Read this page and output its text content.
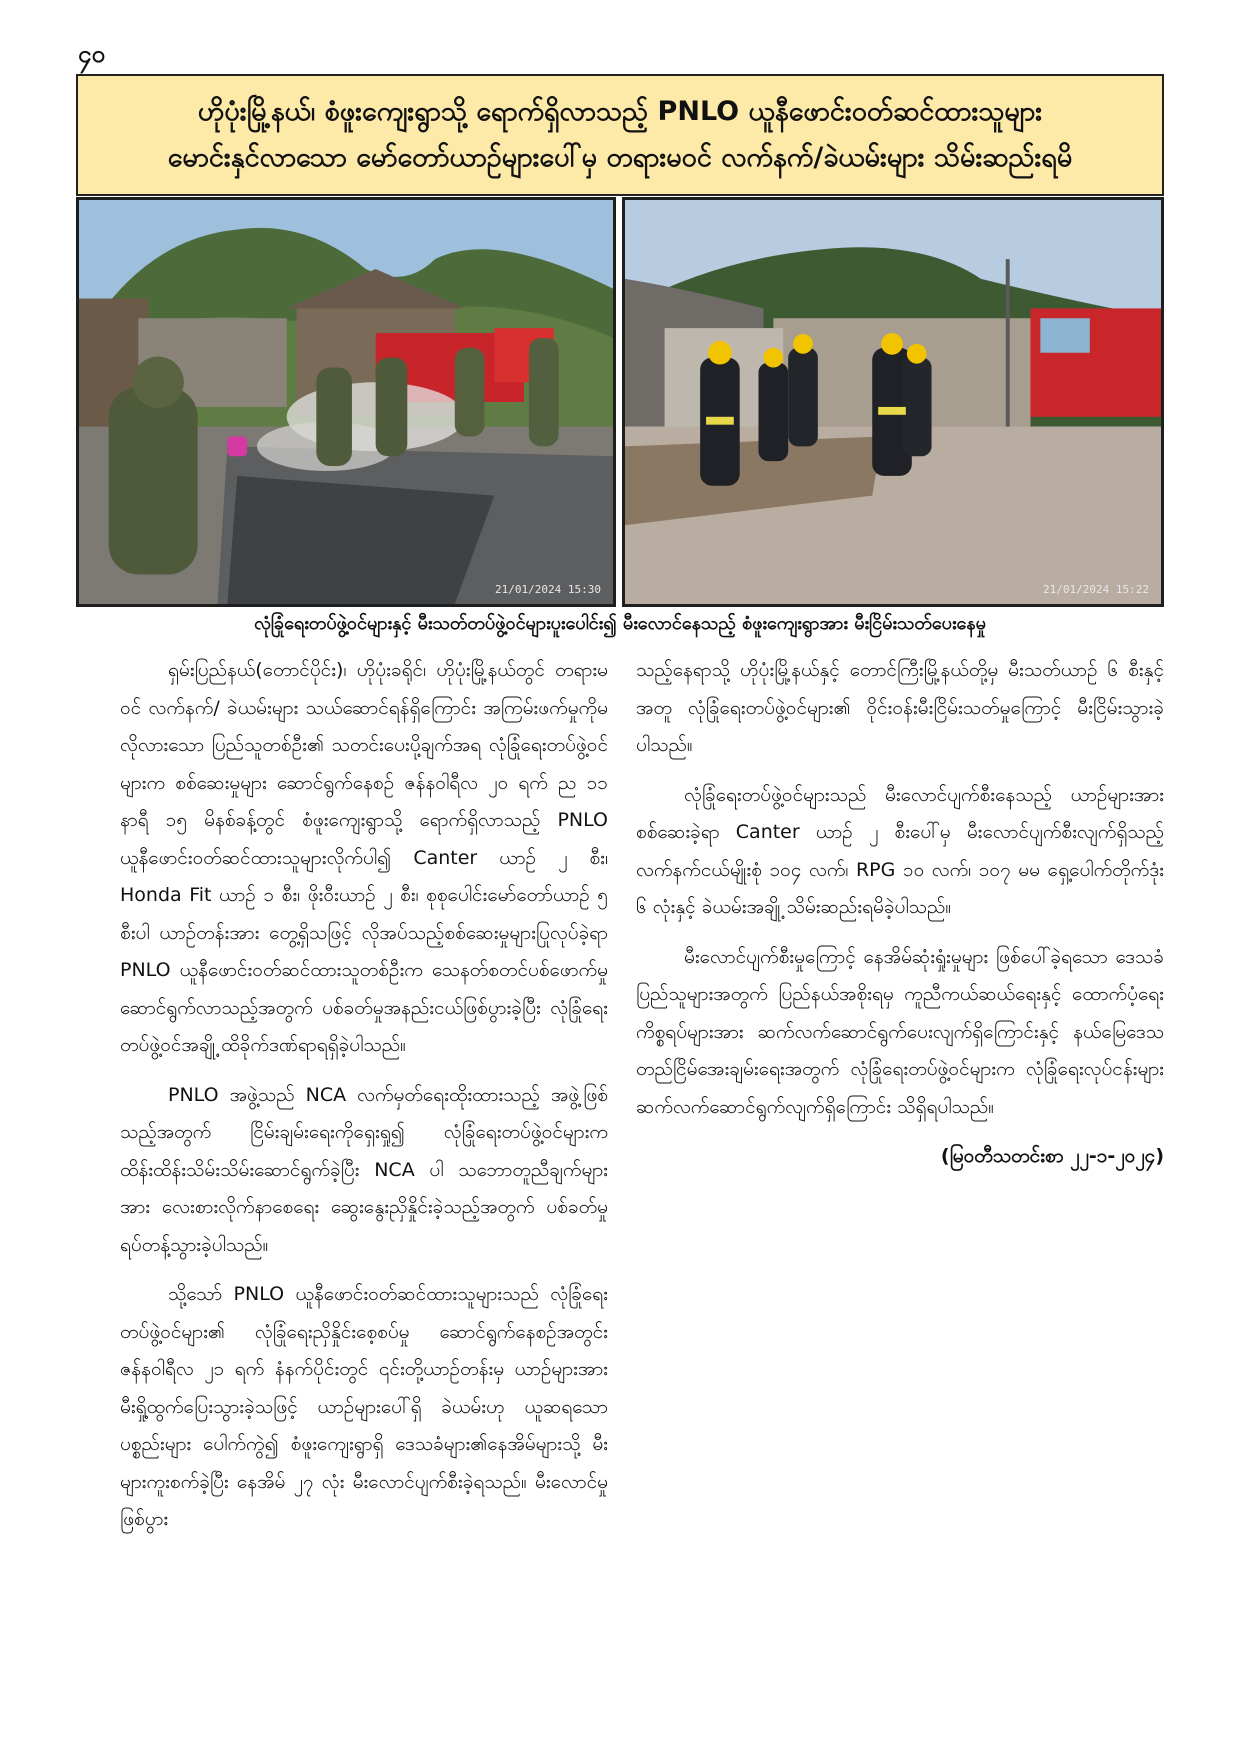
၄၀
ဟိုပုံးမြို့နယ်၊ စံဖူးကျေးရွာသို့ ရောက်ရှိလာသည့် PNLO ယူနီဖောင်းဝတ်ဆင်ထားသူများ
မောင်းနှင်လာသော မော်တော်ယာဉ်များပေါ်မှ တရားမဝင် လက်နက်/ခဲယမ်းများ သိမ်းဆည်းရမိ
21/01/2024 15:30	21/01/2024 15:22
လုံခြုံရေးတပ်ဖွဲ့ဝင်များနှင့် မီးသတ်တပ်ဖွဲ့ဝင်များပူးပေါင်း၍ မီးလောင်နေသည့် စံဖူးကျေးရွာအား မီးငြိမ်းသတ်ပေးနေမှု

ရှမ်းပြည်နယ်(တောင်ပိုင်း)၊ ဟိုပုံးခရိုင်၊ ဟိုပုံးမြို့နယ်တွင် တရားမဝင် လက်နက်/ ခဲယမ်းများ သယ်ဆောင်ရန်ရှိကြောင်း အကြမ်းဖက်မှုကိုမလိုလားသော ပြည်သူတစ်ဦး၏ သတင်းပေးပို့ချက်အရ လုံခြုံရေးတပ်ဖွဲ့ဝင်များက စစ်ဆေးမှုများ ဆောင်ရွက်နေစဉ် ဇန်နဝါရီလ ၂၀ ရက် ည ၁၁ နာရီ ၁၅ မိနစ်ခန့်တွင် စံဖူးကျေးရွာသို့ ရောက်ရှိလာသည့် PNLO ယူနီဖောင်းဝတ်ဆင်ထားသူများလိုက်ပါ၍ Canter ယာဉ် ၂ စီး၊ Honda Fit ယာဉ် ၁ စီး၊ ဖိုးဝီးယာဉ် ၂ စီး၊ စုစုပေါင်းမော်တော်ယာဉ် ၅ စီးပါ ယာဉ်တန်းအား တွေ့ရှိသဖြင့် လိုအပ်သည့်စစ်ဆေးမှုများပြုလုပ်ခဲ့ရာ PNLO ယူနီဖောင်းဝတ်ဆင်ထားသူတစ်ဦးက သေနတ်စတင်ပစ်ဖောက်မှု ဆောင်ရွက်လာသည့်အတွက် ပစ်ခတ်မှုအနည်းငယ်ဖြစ်ပွားခဲ့ပြီး လုံခြုံရေးတပ်ဖွဲ့ဝင်အချို့ ထိခိုက်ဒဏ်ရာရရှိခဲ့ပါသည်။

PNLO အဖွဲ့သည် NCA လက်မှတ်ရေးထိုးထားသည့် အဖွဲ့ဖြစ်သည့်အတွက် ငြိမ်းချမ်းရေးကိုရှေးရှု၍ လုံခြုံရေးတပ်ဖွဲ့ဝင်များက ထိန်းထိန်းသိမ်းသိမ်းဆောင်ရွက်ခဲ့ပြီး NCA ပါ သဘောတူညီချက်များအား လေးစားလိုက်နာစေရေး ဆွေးနွေးညှိနှိုင်းခဲ့သည့်အတွက် ပစ်ခတ်မှုရပ်တန့်သွားခဲ့ပါသည်။

သို့သော် PNLO ယူနီဖောင်းဝတ်ဆင်ထားသူများသည် လုံခြုံရေးတပ်ဖွဲ့ဝင်များ၏ လုံခြုံရေးညှိနှိုင်းစေ့စပ်မှု ဆောင်ရွက်နေစဉ်အတွင်း ဇန်နဝါရီလ ၂၁ ရက် နံနက်ပိုင်းတွင် ၎င်းတို့ယာဉ်တန်းမှ ယာဉ်များအား မီးရှို့ထွက်ပြေးသွားခဲ့သဖြင့် ယာဉ်များပေါ်ရှိ ခဲယမ်းဟု ယူဆရသောပစ္စည်းများ ပေါက်ကွဲ၍ စံဖူးကျေးရွာရှိ ဒေသခံများ၏နေအိမ်များသို့ မီးများကူးစက်ခဲ့ပြီး နေအိမ် ၂၇ လုံး မီးလောင်ပျက်စီးခဲ့ရသည်။ မီးလောင်မှုဖြစ်ပွား

သည့်နေရာသို့ ဟိုပုံးမြို့နယ်နှင့် တောင်ကြီးမြို့နယ်တို့မှ မီးသတ်ယာဉ် ၆ စီးနှင့်အတူ လုံခြုံရေးတပ်ဖွဲ့ဝင်များ၏ ဝိုင်းဝန်းမီးငြိမ်းသတ်မှုကြောင့် မီးငြိမ်းသွားခဲ့ပါသည်။

လုံခြုံရေးတပ်ဖွဲ့ဝင်များသည် မီးလောင်ပျက်စီးနေသည့် ယာဉ်များအားစစ်ဆေးခဲ့ရာ Canter ယာဉ် ၂ စီးပေါ်မှ မီးလောင်ပျက်စီးလျက်ရှိသည့် လက်နက်ငယ်မျိုးစုံ ၁၀၄ လက်၊ RPG ၁၀ လက်၊ ၁၀၇ မမ ရှေ့ပေါက်တိုက်ဒုံး ၆ လုံးနှင့် ခဲယမ်းအချို့ သိမ်းဆည်းရမိခဲ့ပါသည်။

မီးလောင်ပျက်စီးမှုကြောင့် နေအိမ်ဆုံးရှုံးမှုများ ဖြစ်ပေါ်ခဲ့ရသော ဒေသခံပြည်သူများအတွက် ပြည်နယ်အစိုးရမှ ကူညီကယ်ဆယ်ရေးနှင့် ထောက်ပံ့ရေးကိစ္စရပ်များအား ဆက်လက်ဆောင်ရွက်ပေးလျက်ရှိကြောင်းနှင့် နယ်မြေဒေသတည်ငြိမ်အေးချမ်းရေးအတွက် လုံခြုံရေးတပ်ဖွဲ့ဝင်များက လုံခြုံရေးလုပ်ငန်းများ ဆက်လက်ဆောင်ရွက်လျက်ရှိကြောင်း သိရှိရပါသည်။

(မြဝတီသတင်းစာ ၂၂-၁-၂၀၂၄)
